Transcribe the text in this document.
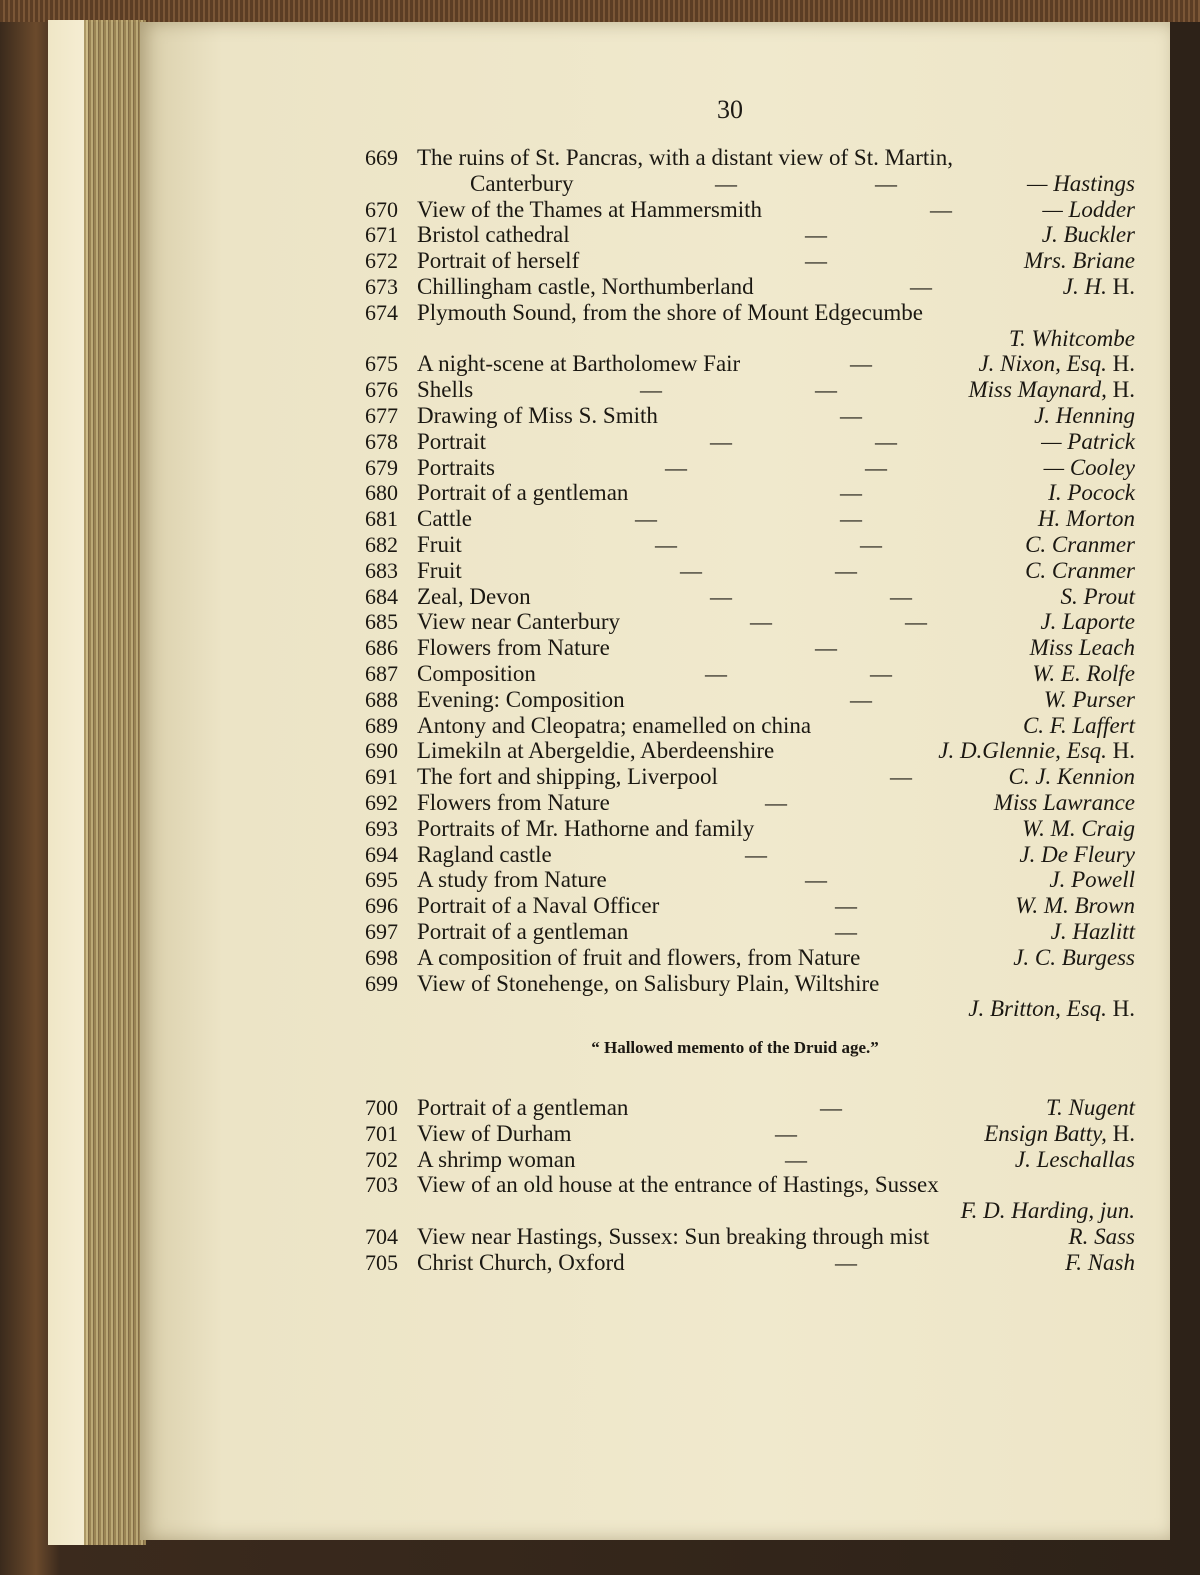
30
669 The ruins of St. Pancras, with a distant view of St. Martin,
Canterbury	—	—	— Hastings
670 View of the Thames at Hammersmith	—	— Lodder
671 Bristol cathedral	—	J. Buckler
672 Portrait of herself	—	Mrs. Briane
673 Chillingham castle, Northumberland	—	J. H. H.
674 Plymouth Sound, from the shore of Mount Edgecumbe
T. Whitcombe
675 A night-scene at Bartholomew Fair	—	J. Nixon, Esq. H.
676 Shells	—	—	Miss Maynard, H.
677 Drawing of Miss S. Smith	—	J. Henning
678 Portrait	—	—	— Patrick
679 Portraits	—	—	— Cooley
680 Portrait of a gentleman	—	I. Pocock
681 Cattle	—	—	H. Morton
682 Fruit	—	—	C. Cranmer
683 Fruit	—	—	C. Cranmer
684 Zeal, Devon	—	—	S. Prout
685 View near Canterbury	—	—	J. Laporte
686 Flowers from Nature	—	Miss Leach
687 Composition	—	—	W. E. Rolfe
688 Evening: Composition	—	W. Purser
689 Antony and Cleopatra; enamelled on china	C. F. Laffert
690 Limekiln at Abergeldie, Aberdeenshire	J. D.Glennie, Esq. H.
691 The fort and shipping, Liverpool	—	C. J. Kennion
692 Flowers from Nature	—	Miss Lawrance
693 Portraits of Mr. Hathorne and family	W. M. Craig
694 Ragland castle	—	J. De Fleury
695 A study from Nature	—	J. Powell
696 Portrait of a Naval Officer	—	W. M. Brown
697 Portrait of a gentleman	—	J. Hazlitt
698 A composition of fruit and flowers, from Nature	J. C. Burgess
699 View of Stonehenge, on Salisbury Plain, Wiltshire
J. Britton, Esq. H.
“ Hallowed memento of the Druid age.”
700 Portrait of a gentleman	—	T. Nugent
701 View of Durham	—	Ensign Batty, H.
702 A shrimp woman	—	J. Leschallas
703 View of an old house at the entrance of Hastings, Sussex
F. D. Harding, jun.
704 View near Hastings, Sussex: Sun breaking through mist	R. Sass
705 Christ Church, Oxford	—	F. Nash
